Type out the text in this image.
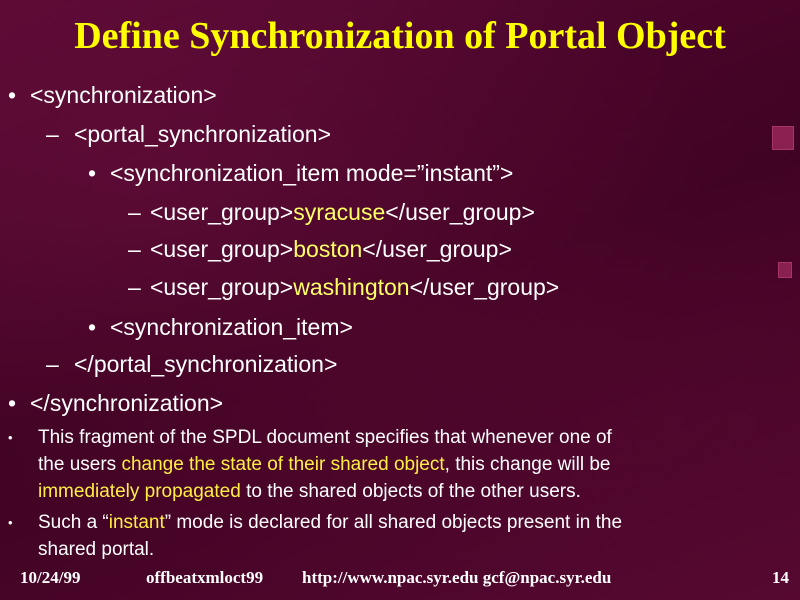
Define Synchronization of Portal Object
• <synchronization>
– <portal_synchronization>
• <synchronization_item mode=”instant”>
– <user_group>syracuse</user_group>
– <user_group>boston</user_group>
– <user_group>washington</user_group>
• <synchronization_item>
– </portal_synchronization>
• </synchronization>
• This fragment of the SPDL document specifies that whenever one of
the users change the state of their shared object, this change will be
immediately propagated to the shared objects of the other users.
• Such a “instant” mode is declared for all shared objects present in the
shared portal.
10/24/99	offbeatxmloct99 http://www.npac.syr.edu gcf@npac.syr.edu	14
